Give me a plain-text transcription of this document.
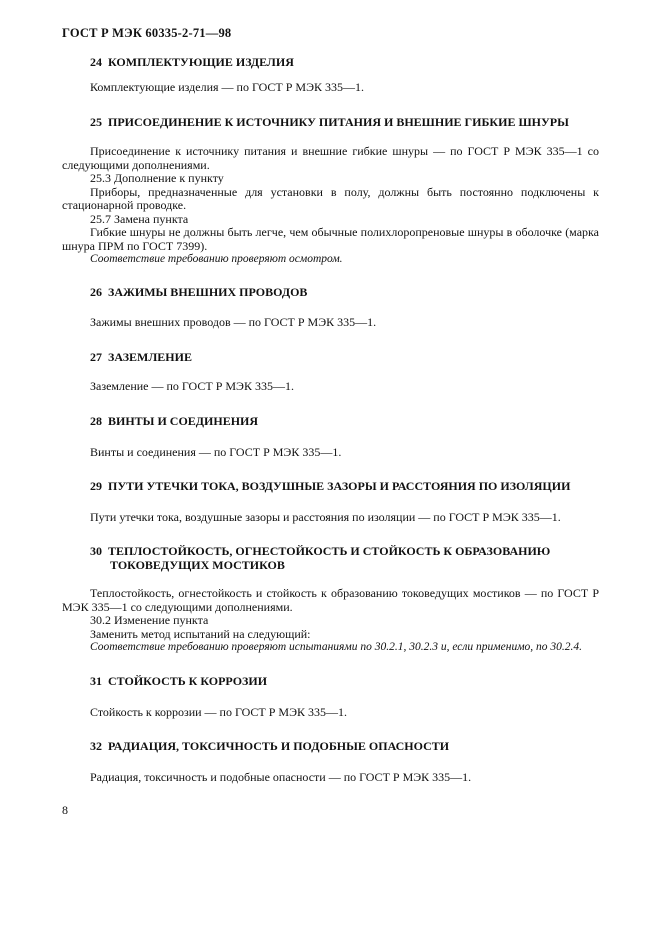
ГОСТ Р МЭК 60335-2-71—98

24 КОМПЛЕКТУЮЩИЕ ИЗДЕЛИЯ

Комплектующие изделия — по ГОСТ Р МЭК 335—1.

25 ПРИСОЕДИНЕНИЕ К ИСТОЧНИКУ ПИТАНИЯ И ВНЕШНИЕ ГИБКИЕ ШНУРЫ

Присоединение к источнику питания и внешние гибкие шнуры — по ГОСТ Р МЭК 335—1 со следующими дополнениями.

25.3 Дополнение к пункту

Приборы, предназначенные для установки в полу, должны быть постоянно подключены к стационарной проводке.

25.7 Замена пункта

Гибкие шнуры не должны быть легче, чем обычные полихлоропреновые шнуры в оболочке (марка шнура ПРМ по ГОСТ 7399).

Соответствие требованию проверяют осмотром.

26 ЗАЖИМЫ ВНЕШНИХ ПРОВОДОВ

Зажимы внешних проводов — по ГОСТ Р МЭК 335—1.

27 ЗАЗЕМЛЕНИЕ

Заземление — по ГОСТ Р МЭК 335—1.

28 ВИНТЫ И СОЕДИНЕНИЯ

Винты и соединения — по ГОСТ Р МЭК 335—1.

29 ПУТИ УТЕЧКИ ТОКА, ВОЗДУШНЫЕ ЗАЗОРЫ И РАССТОЯНИЯ ПО ИЗОЛЯЦИИ

Пути утечки тока, воздушные зазоры и расстояния по изоляции — по ГОСТ Р МЭК 335—1.

30 ТЕПЛОСТОЙКОСТЬ, ОГНЕСТОЙКОСТЬ И СТОЙКОСТЬ К ОБРАЗОВАНИЮ

ТОКОВЕДУЩИХ МОСТИКОВ

Теплостойкость, огнестойкость и стойкость к образованию токоведущих мостиков — по ГОСТ Р МЭК 335—1 со следующими дополнениями.

30.2 Изменение пункта

Заменить метод испытаний на следующий:

Соответствие требованию проверяют испытаниями по 30.2.1, 30.2.3 и, если применимо, по 30.2.4.

31 СТОЙКОСТЬ К КОРРОЗИИ

Стойкость к коррозии — по ГОСТ Р МЭК 335—1.

32 РАДИАЦИЯ, ТОКСИЧНОСТЬ И ПОДОБНЫЕ ОПАСНОСТИ

Радиация, токсичность и подобные опасности — по ГОСТ Р МЭК 335—1.

8
